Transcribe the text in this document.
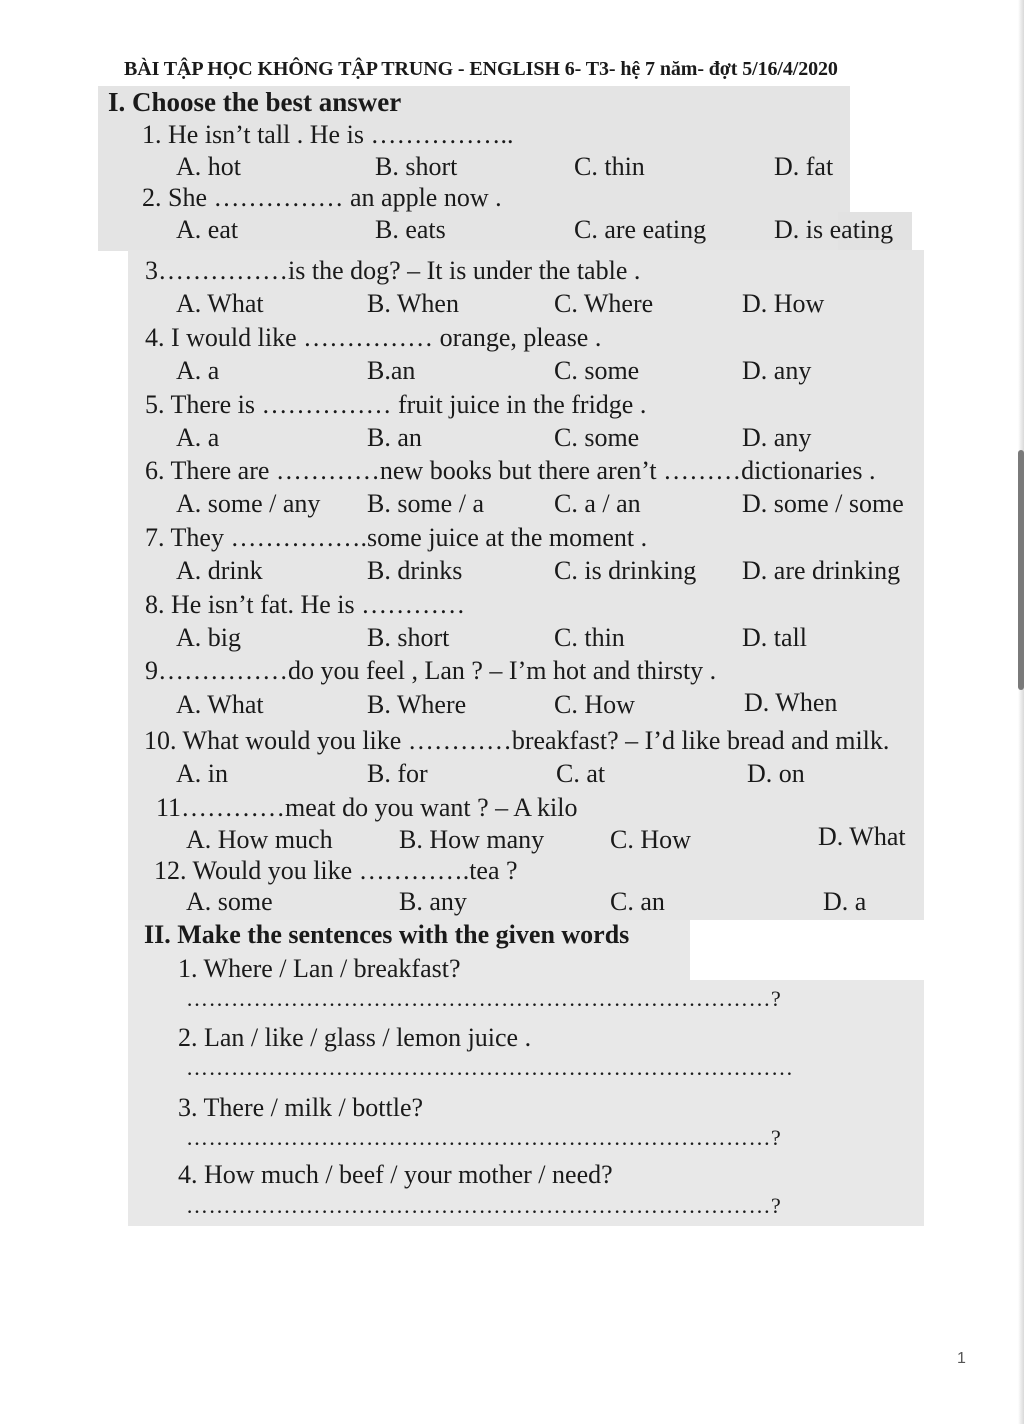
BÀI TẬP HỌC KHÔNG TẬP TRUNG - ENGLISH 6- T3- hệ 7 năm- đợt 5/16/4/2020
I. Choose the best answer
1. He isn’t tall . He is ……………..
A. hot	B. short	C. thin	D. fat
2. She …………… an apple now .
A. eat	B. eats	C. are eating	D. is eating
3……………is the dog? – It is under the table .
A. What	B. When	C. Where	D. How
4. I would like …………… orange, please .
A. a	B.an	C. some	D. any
5. There is …………… fruit juice in the fridge .
A. a	B. an	C. some	D. any
6. There are …………new books but there aren’t ………dictionaries .
A. some / any B. some / a	C. a / an	D. some / some
7. They …………….some juice at the moment .
A. drink	B. drinks	C. is drinking D. are drinking
8. He isn’t fat. He is …………
A. big	B. short	C. thin	D. tall
9……………do you feel , Lan ? – I’m hot and thirsty .
A. What	B. Where	C. How	D. When
10. What would you like …………breakfast? – I’d like bread and milk.
A. in	B. for	C. at	D. on
11…………meat do you want ? – A kilo
A. How much	B. How many	C. How	D. What
12. Would you like ………….tea ?
A. some	B. any	C. an	D. a
II. Make the sentences with the given words
1. Where / Lan / breakfast?
……………………………………………………………………?
2. Lan / like / glass / lemon juice .
………………………………………………………………………
3. There / milk / bottle?
……………………………………………………………………?
4. How much / beef / your mother / need?
……………………………………………………………………?
1
